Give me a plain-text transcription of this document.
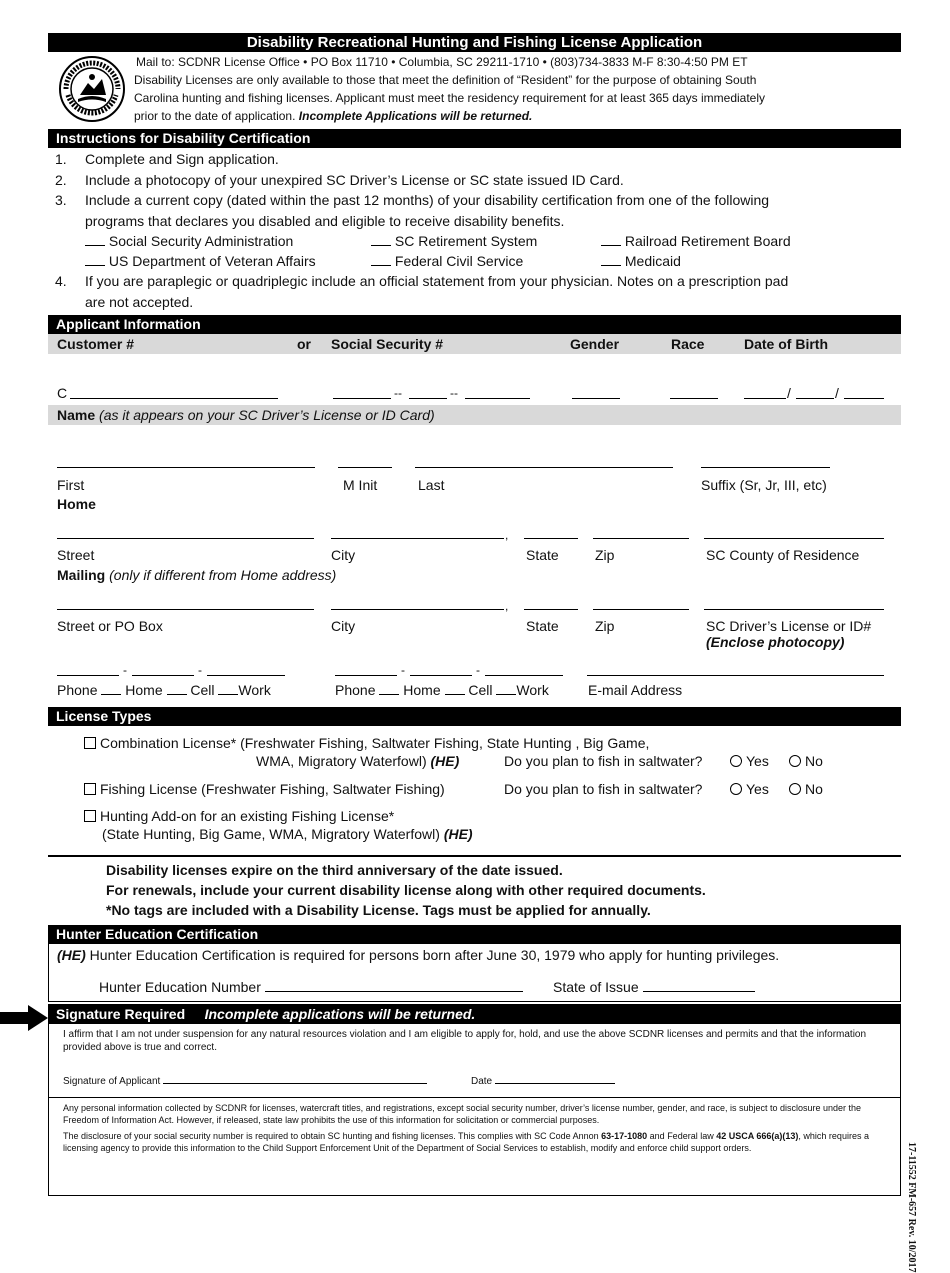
Disability Recreational Hunting and Fishing License Application
Mail to: SCDNR License Office • PO Box 11710 • Columbia, SC 29211-1710 • (803)734-3833 M-F 8:30-4:50 PM ET
Disability Licenses are only available to those that meet the definition of “Resident” for the purpose of obtaining South
Carolina hunting and fishing licenses. Applicant must meet the residency requirement for at least 365 days immediately
prior to the date of application. Incomplete Applications will be returned.
Instructions for Disability Certification
1. Complete and Sign application.
2. Include a photocopy of your unexpired SC Driver’s License or SC state issued ID Card.
3. Include a current copy (dated within the past 12 months) of your disability certification from one of the following
programs that declares you disabled and eligible to receive disability benefits.
Social Security Administration	SC Retirement System	Railroad Retirement Board
US Department of Veteran Affairs	Federal Civil Service	Medicaid
4. If you are paraplegic or quadriplegic include an official statement from your physician. Notes on a prescription pad
are not accepted.
Applicant Information
Customer #	or Social Security #	Gender	Race	Date of Birth
C	--	--	/	/
Name (as it appears on your SC Driver’s License or ID Card)
First	M Init	Last	Suffix (Sr, Jr, III, etc)
Home
,
Street	City	State	Zip	SC County of Residence
Mailing (only if different from Home address)
,
Street or PO Box	City	State	Zip	SC Driver’s License or ID#
(Enclose photocopy)
-	-
Phone Home Cell Work
-	-
Phone Home Cell Work	E-mail Address
License Types
Combination License* (Freshwater Fishing, Saltwater Fishing, State Hunting , Big Game,
WMA, Migratory Waterfowl) (HE)	Do you plan to fish in saltwater?	Yes	No
Fishing License (Freshwater Fishing, Saltwater Fishing)	Do you plan to fish in saltwater?	Yes	No
Hunting Add-on for an existing Fishing License*
(State Hunting, Big Game, WMA, Migratory Waterfowl) (HE)
Disability licenses expire on the third anniversary of the date issued.
For renewals, include your current disability license along with other required documents.
*No tags are included with a Disability License. Tags must be applied for annually.
Hunter Education Certification
(HE) Hunter Education Certification is required for persons born after June 30, 1979 who apply for hunting privileges.
Hunter Education Number	State of Issue
Signature Required Incomplete applications will be returned.
I affirm that I am not under suspension for any natural resources violation and I am eligible to apply for, hold, and use the above SCDNR licenses and permits and that the information provided above is true and correct.
Signature of Applicant	Date
Any personal information collected by SCDNR for licenses, watercraft titles, and registrations, except social security number, driver’s license number, gender, and race, is subject to disclosure under the Freedom of Information Act. However, if released, state law prohibits the use of this information for solicitation or commercial purposes.
The disclosure of your social security number is required to obtain SC hunting and fishing licenses. This complies with SC Code Annon 63-17-1080 and Federal law 42 USCA 666(a)(13), which requires a licensing agency to provide this information to the Child Support Enforcement Unit of the Department of Social Services to establish, modify and enforce child support orders.	17-11552 FM-657 Rev. 10/2017
